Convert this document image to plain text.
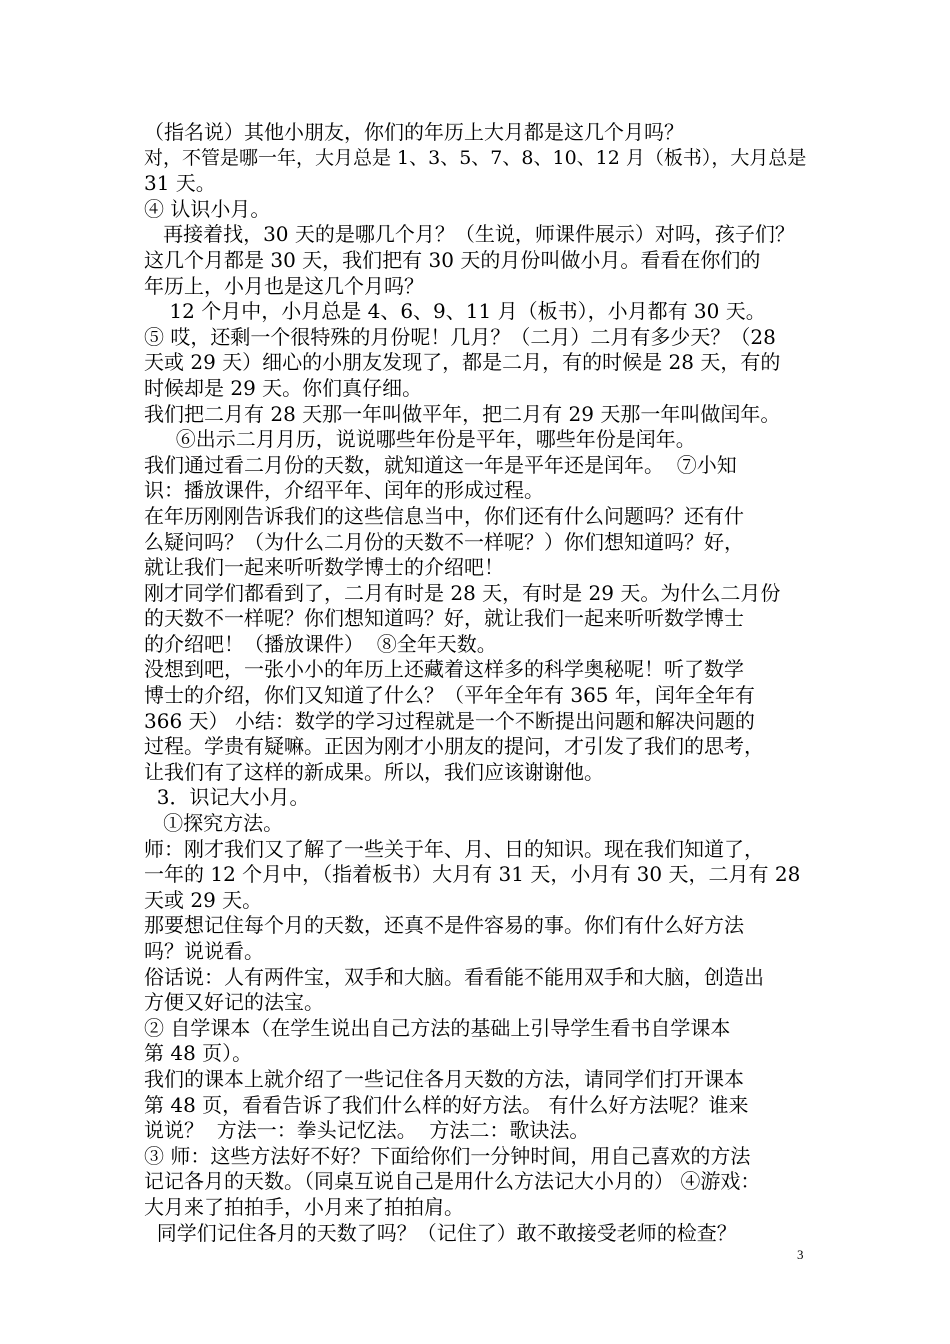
（指名说）其他小朋友，你们的年历上大月都是这几个月吗？
对，不管是哪一年，大月总是 1、3、5、7、8、10、12 月（板书），大月总是
31 天。
④ 认识小月。
再接着找，30 天的是哪几个月？（生说，师课件展示）对吗，孩子们？
这几个月都是 30 天，我们把有 30 天的月份叫做小月。看看在你们的
年历上，小月也是这几个月吗？
12 个月中，小月总是 4、6、9、11 月（板书），小月都有 30 天。
⑤ 哎，还剩一个很特殊的月份呢！几月？（二月）二月有多少天？（28
天或 29 天）细心的小朋友发现了，都是二月，有的时候是 28 天，有的
时候却是 29 天。你们真仔细。
我们把二月有 28 天那一年叫做平年，把二月有 29 天那一年叫做闰年。
⑥出示二月月历，说说哪些年份是平年，哪些年份是闰年。
我们通过看二月份的天数，就知道这一年是平年还是闰年。  ⑦小知
识：播放课件，介绍平年、闰年的形成过程。
在年历刚刚告诉我们的这些信息当中，你们还有什么问题吗？还有什
么疑问吗？（为什么二月份的天数不一样呢？）你们想知道吗？好，
就让我们一起来听听数学博士的介绍吧！
刚才同学们都看到了，二月有时是 28 天，有时是 29 天。为什么二月份
的天数不一样呢？你们想知道吗？好，就让我们一起来听听数学博士
的介绍吧！（播放课件）  ⑧全年天数。
没想到吧，一张小小的年历上还藏着这样多的科学奥秘呢！听了数学
博士的介绍，你们又知道了什么？（平年全年有 365 年，闰年全年有
366 天） 小结：数学的学习过程就是一个不断提出问题和解决问题的
过程。学贵有疑嘛。正因为刚才小朋友的提问，才引发了我们的思考，
让我们有了这样的新成果。所以，我们应该谢谢他。
3．识记大小月。
①探究方法。
师：刚才我们又了解了一些关于年、月、日的知识。现在我们知道了，
一年的 12 个月中，（指着板书）大月有 31 天，小月有 30 天，二月有 28
天或 29 天。
那要想记住每个月的天数，还真不是件容易的事。你们有什么好方法
吗？说说看。
俗话说：人有两件宝，双手和大脑。看看能不能用双手和大脑，创造出
方便又好记的法宝。
② 自学课本（在学生说出自己方法的基础上引导学生看书自学课本
第 48 页）。
我们的课本上就介绍了一些记住各月天数的方法，请同学们打开课本
第 48 页，看看告诉了我们什么样的好方法。 有什么好方法呢？谁来
说说？  方法一：拳头记忆法。  方法二：歌诀法。
③ 师：这些方法好不好？下面给你们一分钟时间，用自己喜欢的方法
记记各月的天数。（同桌互说自己是用什么方法记大小月的） ④游戏：
大月来了拍拍手，小月来了拍拍肩。
同学们记住各月的天数了吗？（记住了）敢不敢接受老师的检查？
3
